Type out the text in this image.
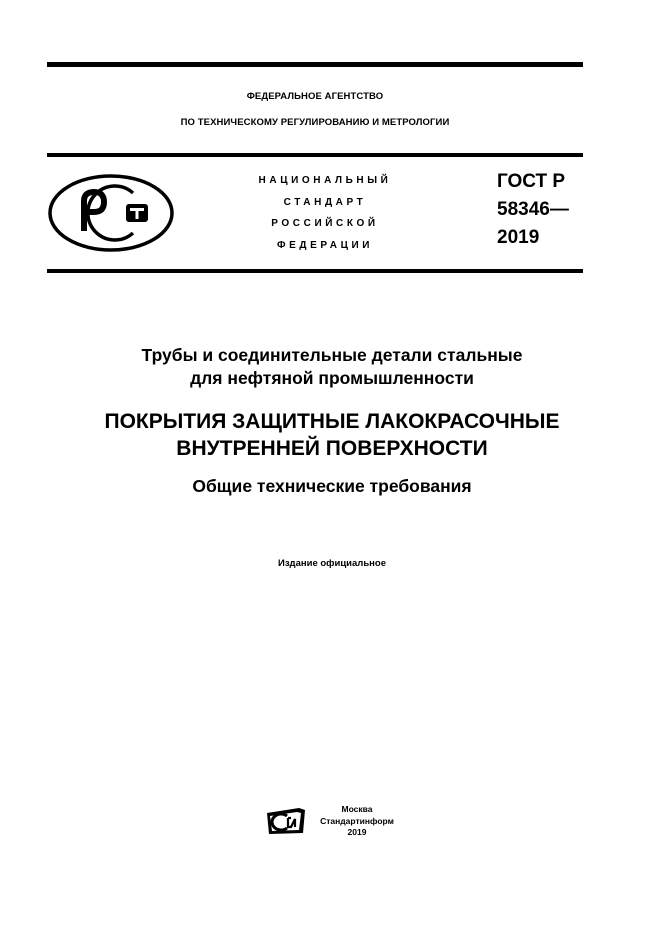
ФЕДЕРАЛЬНОЕ АГЕНТСТВО
ПО ТЕХНИЧЕСКОМУ РЕГУЛИРОВАНИЮ И МЕТРОЛОГИИ
НАЦИОНАЛЬНЫЙ
СТАНДАРТ
РОССИЙСКОЙ
ФЕДЕРАЦИИ
ГОСТ Р
58346—
2019
Трубы и соединительные детали стальные
для нефтяной промышленности
ПОКРЫТИЯ ЗАЩИТНЫЕ ЛАКОКРАСОЧНЫЕ
ВНУТРЕННЕЙ ПОВЕРХНОСТИ
Общие технические требования
Издание официальное
Москва
Стандартинформ
2019
